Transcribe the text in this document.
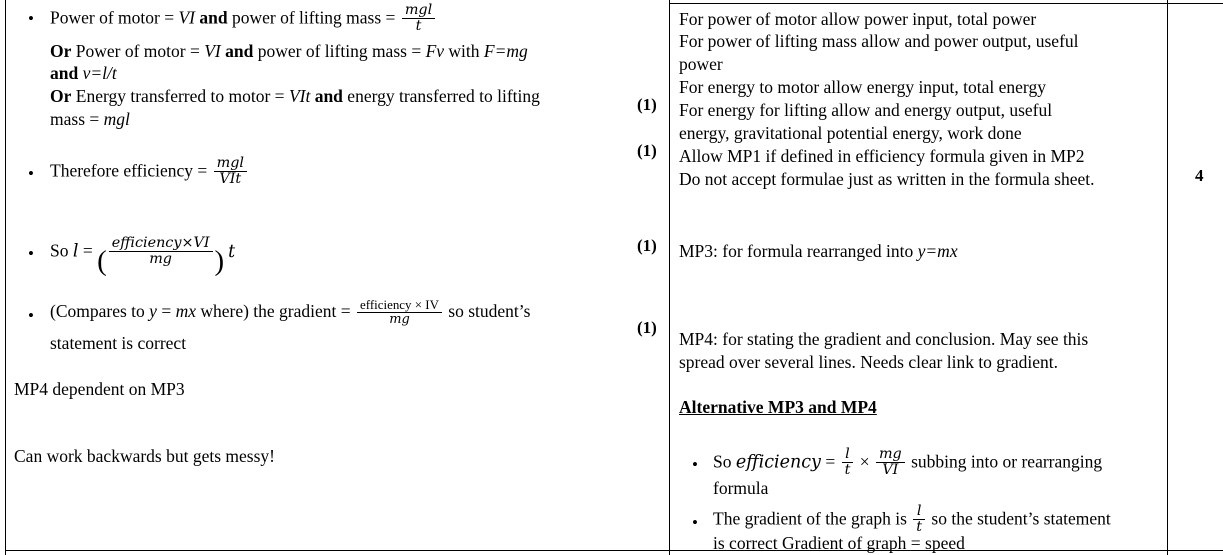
• Power of motor = VI and power of lifting mass = $\frac{\text{mgl}}{t}$
Or Power of motor = VI and power of lifting mass = Fv with F=mg
and v=l/t
Or Energy transferred to motor = VIt and energy transferred to lifting
mass = mgl
• Therefore efficiency = $\frac{\text{mgl}}{\text{VIt}}$
• So l = ( $\frac{\text{efficiency×VI}}{mg}$ ) t
• (Compares to y = mx where) the gradient = $\frac{\text{efficiency × IV}}{mg}$ so student’s
statement is correct
MP4 dependent on MP3
Can work backwards but gets messy!
(1)
(1)
(1)
(1)
For power of motor allow power input, total power
For power of lifting mass allow and power output, useful
power
For energy to motor allow energy input, total energy
For energy for lifting allow and energy output, useful
energy, gravitational potential energy, work done
Allow MP1 if defined in efficiency formula given in MP2
Do not accept formulae just as written in the formula sheet.
MP3: for formula rearranged into y=mx
MP4: for stating the gradient and conclusion. May see this
spread over several lines. Needs clear link to gradient.
Alternative MP3 and MP4
• So efficiency = $\frac{l}{t} \times \frac{mg}{VI}$ subbing into or rearranging
formula
• The gradient of the graph is $\frac{l}{t}$ so the student’s statement
is correct Gradient of graph = speed
4
